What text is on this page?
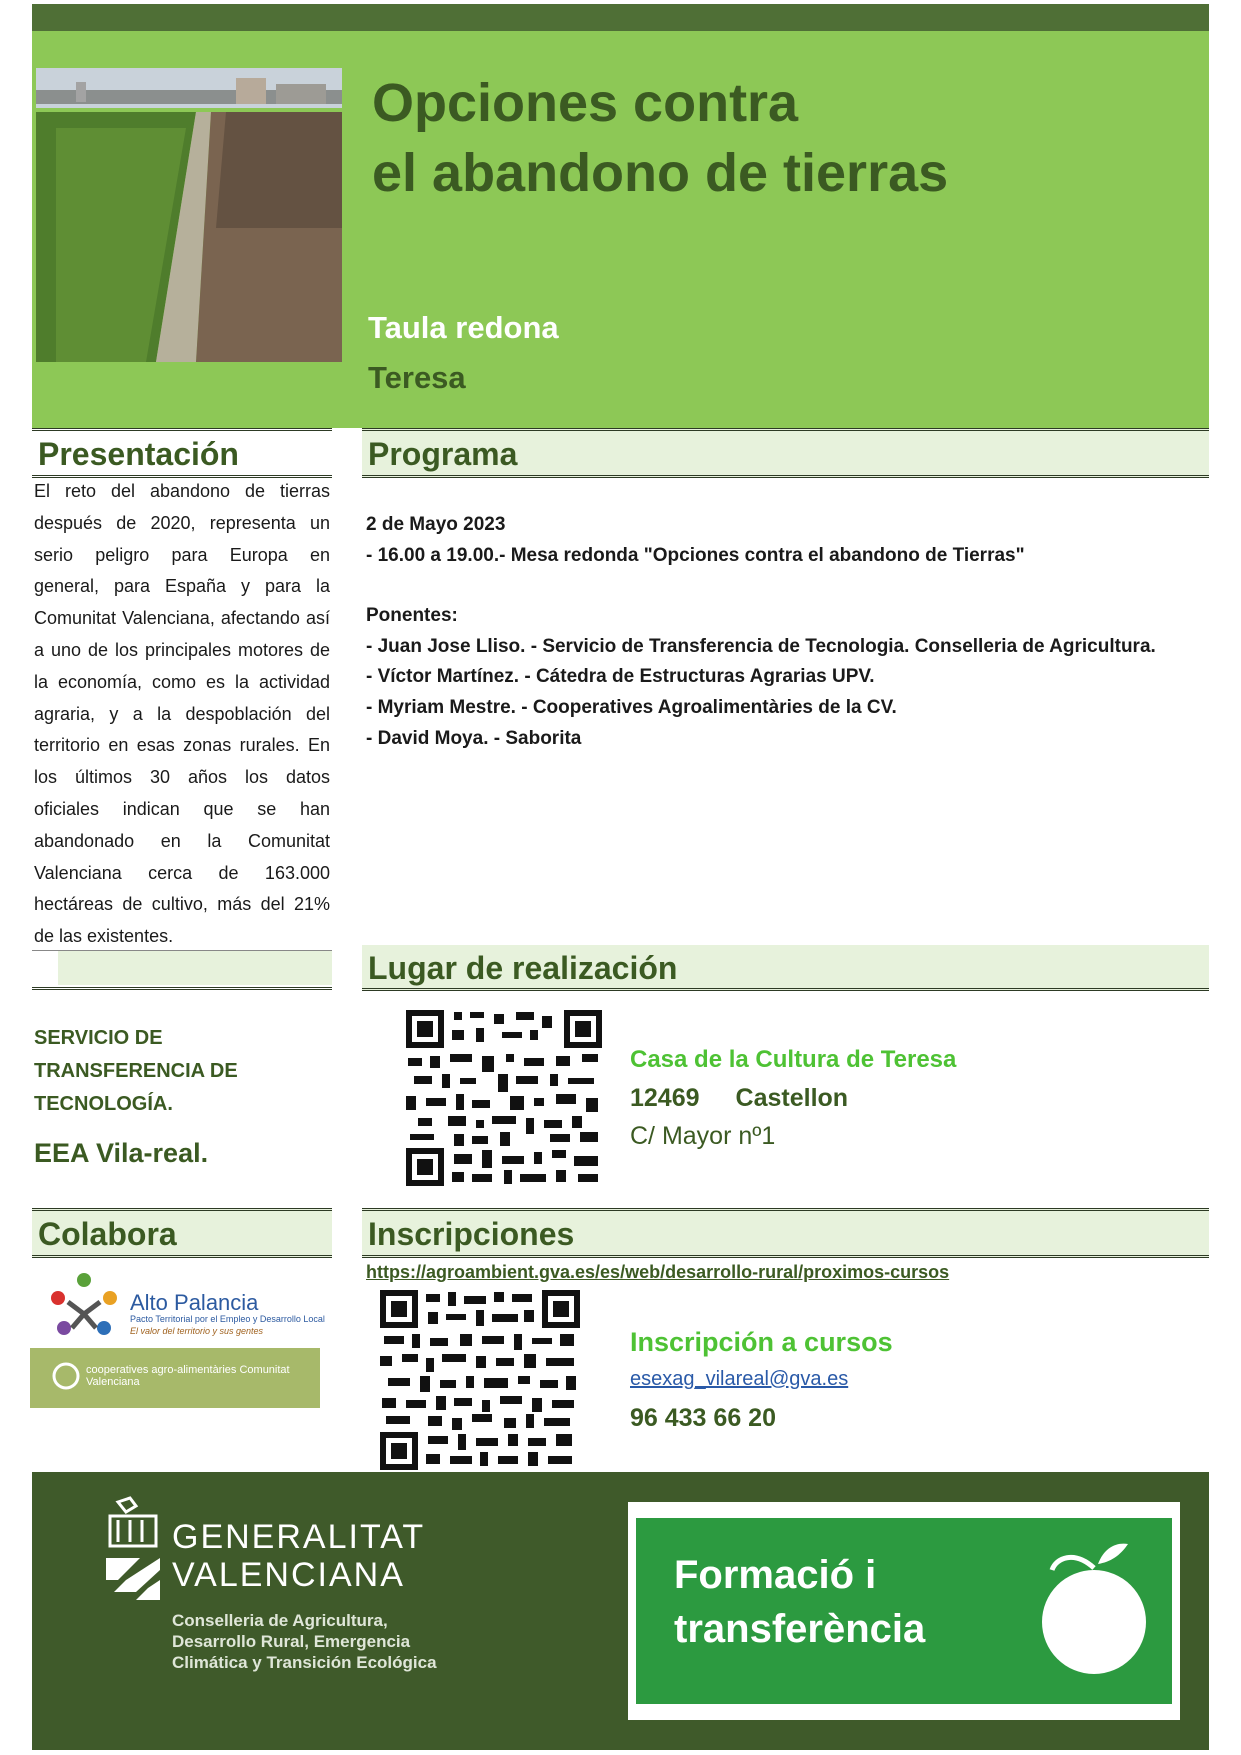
Opciones contra
el abandono de tierras
Taula redona
Teresa
Presentación	Programa
El reto del abandono de tierras después de 2020, representa un serio peligro para Europa en general, para España y para la Comunitat Valenciana, afectando así a uno de los principales motores de la economía, como es la actividad agraria, y a la despoblación del territorio en esas zonas rurales. En los últimos 30 años los datos oficiales indican que se han abandonado en la Comunitat Valenciana cerca de 163.000 hectáreas de cultivo, más del 21% de las existentes.
2 de Mayo 2023
- 16.00 a 19.00.- Mesa redonda "Opciones contra el abandono de Tierras"
Ponentes:
- Juan Jose Lliso. - Servicio de Transferencia de Tecnologia. Conselleria de Agricultura.
- Víctor Martínez. - Cátedra de Estructuras Agrarias UPV.
- Myriam Mestre. - Cooperatives Agroalimentàries de la CV.
- David Moya. - Saborita
Lugar de realización
SERVICIO DE TRANSFERENCIA DE TECNOLOGÍA.
EEA Vila-real.
Casa de la Cultura de Teresa
12469 Castellon
C/ Mayor nº1
Colabora	Inscripciones
Alto Palancia
Pacto Territorial por el Empleo y Desarrollo Local
El valor del territorio y sus gentes
cooperatives agro-alimentàries Comunitat Valenciana
https://agroambient.gva.es/es/web/desarrollo-rural/proximos-cursos
Inscripción a cursos
esexag_vilareal@gva.es
96 433 66 20
GENERALITAT
VALENCIANA
Conselleria de Agricultura,
Desarrollo Rural, Emergencia
Climática y Transición Ecológica
Formació i
transferència
